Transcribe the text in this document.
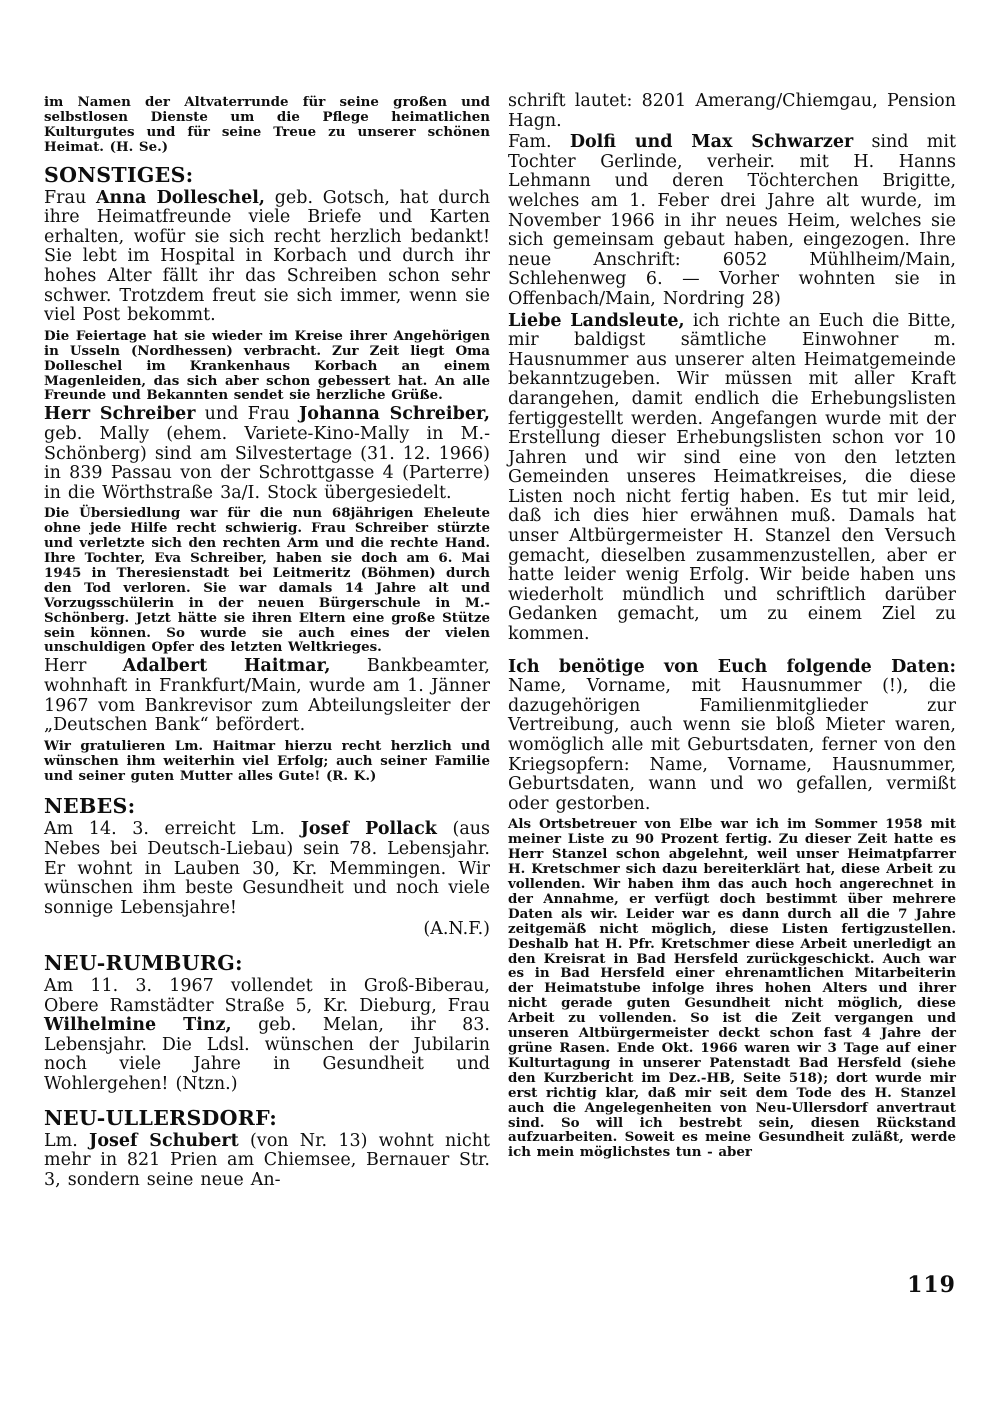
im Namen der Altvaterrunde für seine großen und selbstlosen Dienste um die Pflege heimatlichen Kulturgutes und für seine Treue zu unserer schönen Heimat. (H. Se.)

SONSTIGES:

Frau Anna Dolleschel, geb. Gotsch, hat durch ihre Heimatfreunde viele Briefe und Karten erhalten, wofür sie sich recht herzlich bedankt! Sie lebt im Hospital in Korbach und durch ihr hohes Alter fällt ihr das Schreiben schon sehr schwer. Trotzdem freut sie sich immer, wenn sie viel Post bekommt.

Die Feiertage hat sie wieder im Kreise ihrer Angehörigen in Usseln (Nordhessen) verbracht. Zur Zeit liegt Oma Dolleschel im Krankenhaus Korbach an einem Magenleiden, das sich aber schon gebessert hat. An alle Freunde und Bekannten sendet sie herzliche Grüße.

Herr Schreiber und Frau Johanna Schreiber, geb. Mally (ehem. Variete-Kino-Mally in M.-Schönberg) sind am Silvestertage (31. 12. 1966) in 839 Passau von der Schrottgasse 4 (Parterre) in die Wörthstraße 3a/I. Stock übergesiedelt.

Die Übersiedlung war für die nun 68jährigen Eheleute ohne jede Hilfe recht schwierig. Frau Schreiber stürzte und verletzte sich den rechten Arm und die rechte Hand. Ihre Tochter, Eva Schreiber, haben sie doch am 6. Mai 1945 in Theresienstadt bei Leitmeritz (Böhmen) durch den Tod verloren. Sie war damals 14 Jahre alt und Vorzugsschülerin in der neuen Bürgerschule in M.-Schönberg. Jetzt hätte sie ihren Eltern eine große Stütze sein können. So wurde sie auch eines der vielen unschuldigen Opfer des letzten Weltkrieges.

Herr Adalbert Haitmar, Bankbeamter, wohnhaft in Frankfurt/Main, wurde am 1. Jänner 1967 vom Bankrevisor zum Abteilungsleiter der „Deutschen Bank“ befördert.

Wir gratulieren Lm. Haitmar hierzu recht herzlich und wünschen ihm weiterhin viel Erfolg; auch seiner Familie und seiner guten Mutter alles Gute! (R. K.)

NEBES:

Am 14. 3. erreicht Lm. Josef Pollack (aus Nebes bei Deutsch-Liebau) sein 78. Lebensjahr. Er wohnt in Lauben 30, Kr. Memmingen. Wir wünschen ihm beste Gesundheit und noch viele sonnige Lebensjahre!

(A.N.F.)
NEU-RUMBURG:

Am 11. 3. 1967 vollendet in Groß-Biberau, Obere Ramstädter Straße 5, Kr. Dieburg, Frau Wilhelmine Tinz, geb. Melan, ihr 83. Lebensjahr. Die Ldsl. wünschen der Jubilarin noch viele Jahre in Gesundheit und Wohlergehen! (Ntzn.)

NEU-ULLERSDORF:

Lm. Josef Schubert (von Nr. 13) wohnt nicht mehr in 821 Prien am Chiemsee, Bernauer Str. 3, sondern seine neue An-

schrift lautet: 8201 Amerang/Chiemgau, Pension Hagn.

Fam. Dolfi und Max Schwarzer sind mit Tochter Gerlinde, verheir. mit H. Hanns Lehmann und deren Töchterchen Brigitte, welches am 1. Feber drei Jahre alt wurde, im November 1966 in ihr neues Heim, welches sie sich gemeinsam gebaut haben, eingezogen. Ihre neue Anschrift: 6052 Mühlheim/Main, Schlehenweg 6. — Vorher wohnten sie in Offenbach/Main, Nordring 28)

Liebe Landsleute, ich richte an Euch die Bitte, mir baldigst sämtliche Einwohner m. Hausnummer aus unserer alten Heimatgemeinde bekanntzugeben. Wir müssen mit aller Kraft darangehen, damit endlich die Erhebungslisten fertiggestellt werden. Angefangen wurde mit der Erstellung dieser Erhebungslisten schon vor 10 Jahren und wir sind eine von den letzten Gemeinden unseres Heimatkreises, die diese Listen noch nicht fertig haben. Es tut mir leid, daß ich dies hier erwähnen muß. Damals hat unser Altbürgermeister H. Stanzel den Versuch gemacht, dieselben zusammenzustellen, aber er hatte leider wenig Erfolg. Wir beide haben uns wiederholt mündlich und schriftlich darüber Gedanken gemacht, um zu einem Ziel zu kommen.

Ich benötige von Euch folgende Daten:

Name, Vorname, mit Hausnummer (!), die dazugehörigen Familienmitglieder zur Vertreibung, auch wenn sie bloß Mieter waren, womöglich alle mit Geburtsdaten, ferner von den Kriegsopfern: Name, Vorname, Hausnummer, Geburtsdaten, wann und wo gefallen, vermißt oder gestorben.

Als Ortsbetreuer von Elbe war ich im Sommer 1958 mit meiner Liste zu 90 Prozent fertig. Zu dieser Zeit hatte es Herr Stanzel schon abgelehnt, weil unser Heimatpfarrer H. Kretschmer sich dazu bereiterklärt hat, diese Arbeit zu vollenden. Wir haben ihm das auch hoch angerechnet in der Annahme, er verfügt doch bestimmt über mehrere Daten als wir. Leider war es dann durch all die 7 Jahre zeitgemäß nicht möglich, diese Listen fertigzustellen. Deshalb hat H. Pfr. Kretschmer diese Arbeit unerledigt an den Kreisrat in Bad Hersfeld zurückgeschickt. Auch war es in Bad Hersfeld einer ehrenamtlichen Mitarbeiterin der Heimatstube infolge ihres hohen Alters und ihrer nicht gerade guten Gesundheit nicht möglich, diese Arbeit zu vollenden. So ist die Zeit vergangen und unseren Altbürgermeister deckt schon fast 4 Jahre der grüne Rasen. Ende Okt. 1966 waren wir 3 Tage auf einer Kulturtagung in unserer Patenstadt Bad Hersfeld (siehe den Kurzbericht im Dez.-HB, Seite 518); dort wurde mir erst richtig klar, daß mir seit dem Tode des H. Stanzel auch die Angelegenheiten von Neu-Ullersdorf anvertraut sind. So will ich bestrebt sein, diesen Rückstand aufzuarbeiten. Soweit es meine Gesundheit zuläßt, werde ich mein möglichstes tun - aber

119
